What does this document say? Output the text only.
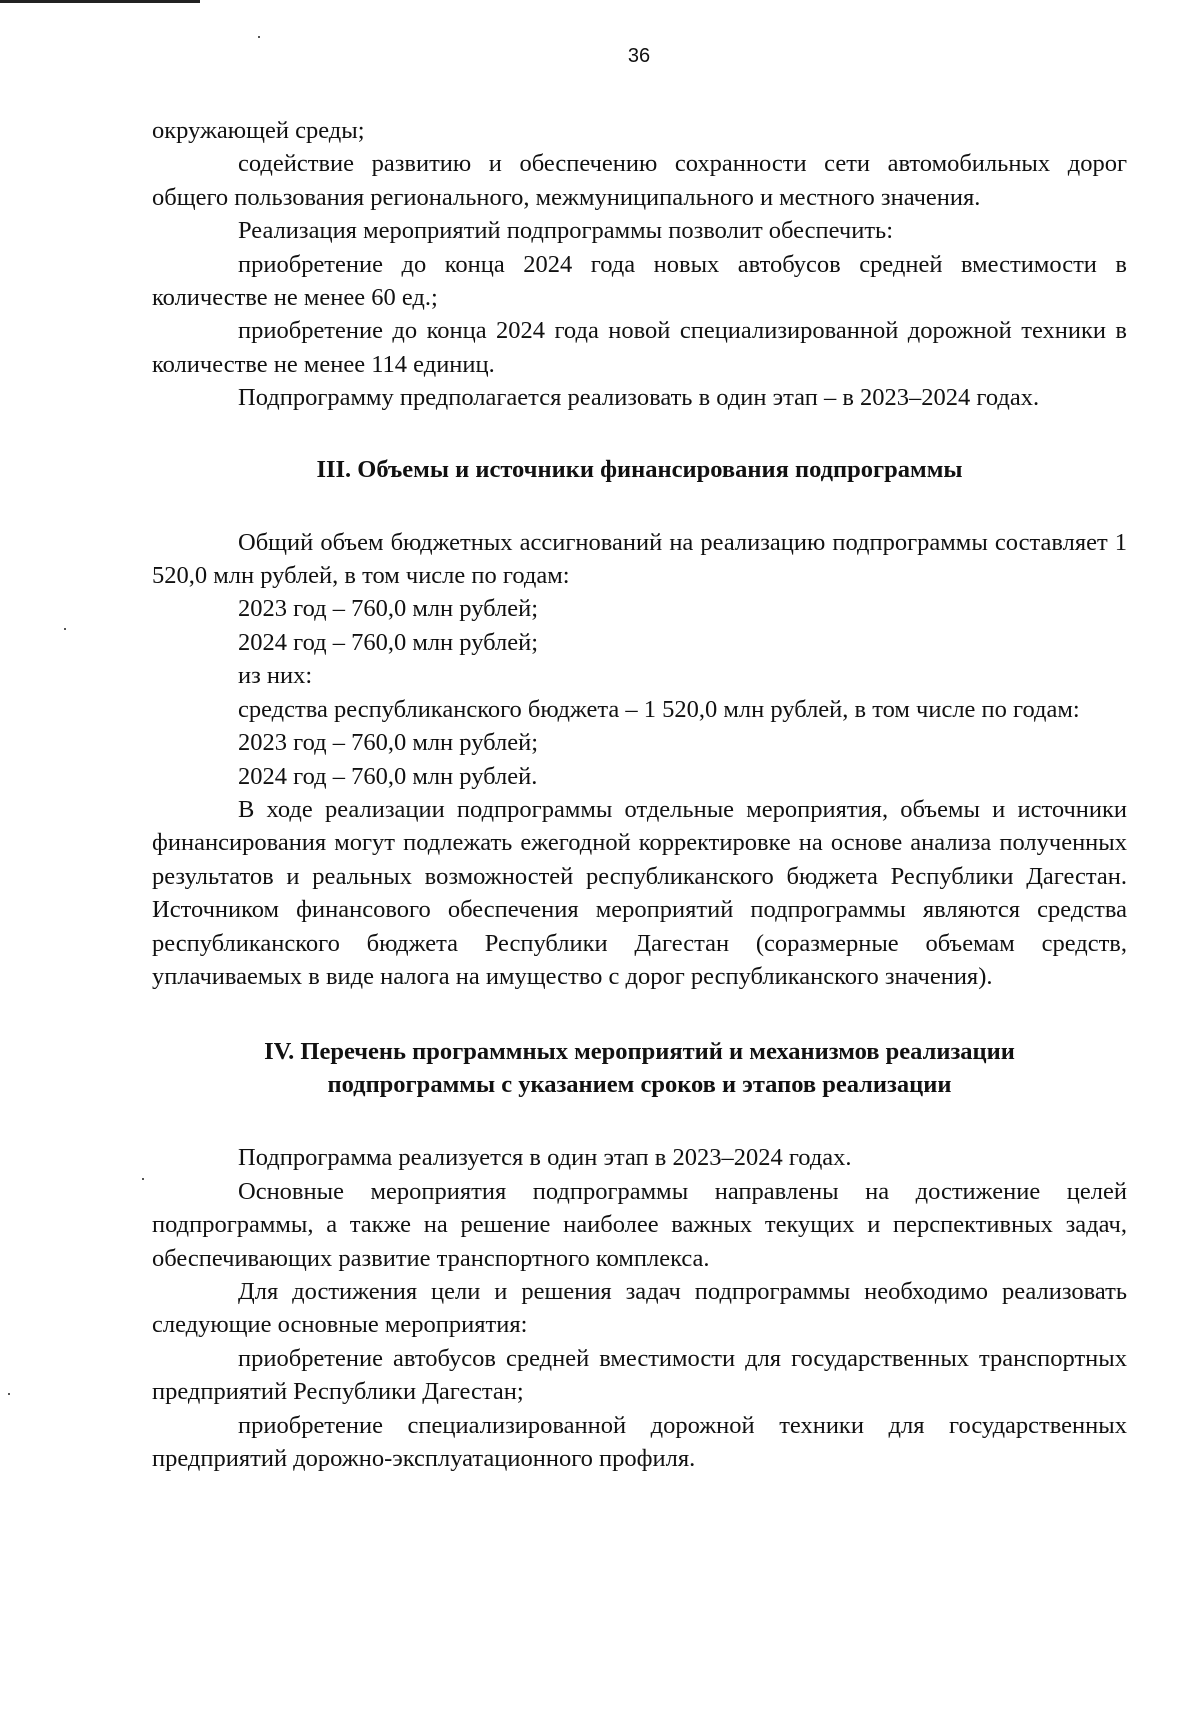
36

окружающей среды;

содействие развитию и обеспечению сохранности сети автомобильных дорог общего пользования регионального, межмуниципального и местного значения.

Реализация мероприятий подпрограммы позволит обеспечить:

приобретение до конца 2024 года новых автобусов средней вместимости в количестве не менее 60 ед.;

приобретение до конца 2024 года новой специализированной дорожной техники в количестве не менее 114 единиц.

Подпрограмму предполагается реализовать в один этап – в 2023–2024 годах.

III. Объемы и источники финансирования подпрограммы

Общий объем бюджетных ассигнований на реализацию подпрограммы составляет 1 520,0 млн рублей, в том числе по годам:

2023 год – 760,0 млн рублей;

2024 год – 760,0 млн рублей;

из них:

средства республиканского бюджета – 1 520,0 млн рублей, в том числе по годам:

2023 год – 760,0 млн рублей;

2024 год – 760,0 млн рублей.

В ходе реализации подпрограммы отдельные мероприятия, объемы и источники финансирования могут подлежать ежегодной корректировке на основе анализа полученных результатов и реальных возможностей республиканского бюджета Республики Дагестан. Источником финансового обеспечения мероприятий подпрограммы являются средства республиканского бюджета Республики Дагестан (соразмерные объемам средств, уплачиваемых в виде налога на имущество с дорог республиканского значения).

IV. Перечень программных мероприятий и механизмов реализации
подпрограммы с указанием сроков и этапов реализации

Подпрограмма реализуется в один этап в 2023–2024 годах.

Основные мероприятия подпрограммы направлены на достижение целей подпрограммы, а также на решение наиболее важных текущих и перспективных задач, обеспечивающих развитие транспортного комплекса.

Для достижения цели и решения задач подпрограммы необходимо реализовать следующие основные мероприятия:

приобретение автобусов средней вместимости для государственных транспортных предприятий Республики Дагестан;

приобретение специализированной дорожной техники для государственных предприятий дорожно-эксплуатационного профиля.
